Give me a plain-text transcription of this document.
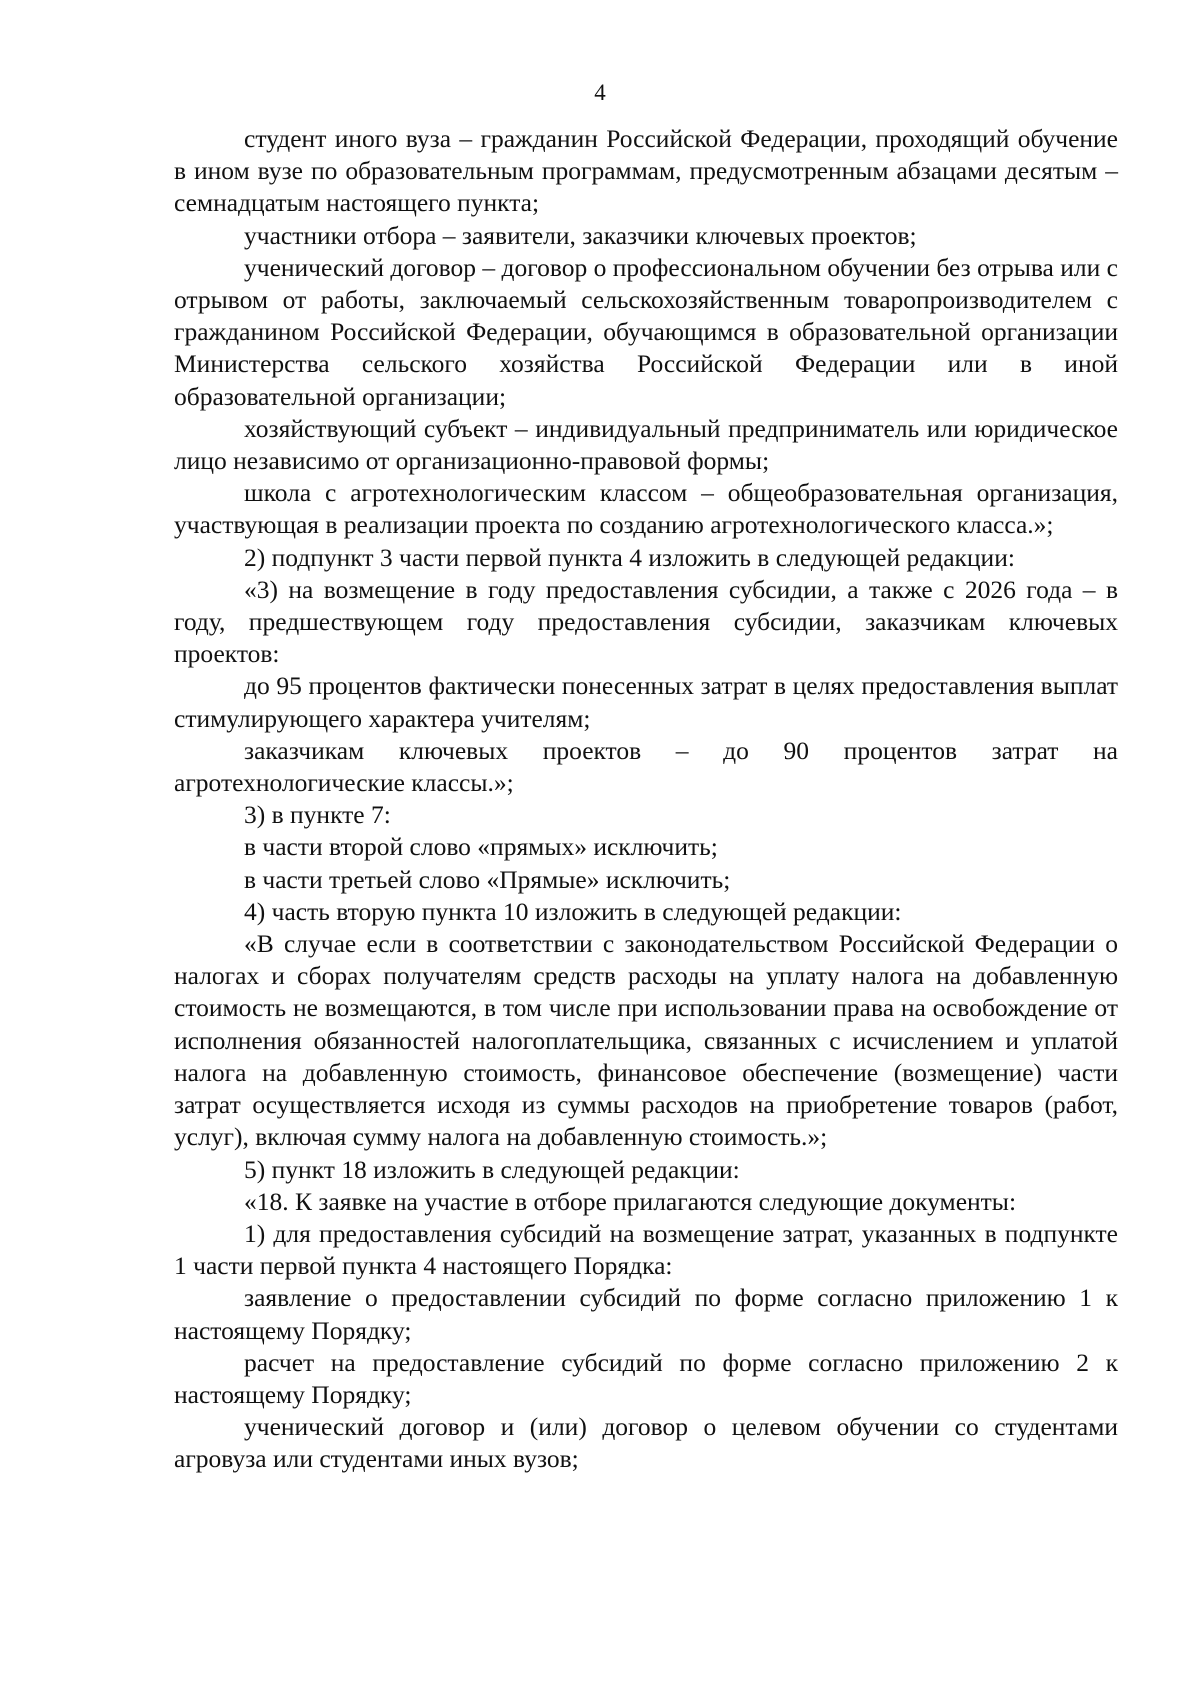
4

студент иного вуза – гражданин Российской Федерации, проходящий обучение в ином вузе по образовательным программам, предусмотренным абзацами десятым – семнадцатым настоящего пункта;

участники отбора – заявители, заказчики ключевых проектов;

ученический договор – договор о профессиональном обучении без отрыва или с отрывом от работы, заключаемый сельскохозяйственным товаропроизводителем с гражданином Российской Федерации, обучающимся в образовательной организации Министерства сельского хозяйства Российской Федерации или в иной образовательной организации;

хозяйствующий субъект – индивидуальный предприниматель или юридическое лицо независимо от организационно-правовой формы;

школа с агротехнологическим классом – общеобразовательная организация, участвующая в реализации проекта по созданию агротехнологического класса.»;

2) подпункт 3 части первой пункта 4 изложить в следующей редакции:

«3) на возмещение в году предоставления субсидии, а также с 2026 года – в году, предшествующем году предоставления субсидии, заказчикам ключевых проектов:

до 95 процентов фактически понесенных затрат в целях предоставления выплат стимулирующего характера учителям;

заказчикам ключевых проектов – до 90 процентов затрат на агротехнологические классы.»;

3) в пункте 7:

в части второй слово «прямых» исключить;

в части третьей слово «Прямые» исключить;

4) часть вторую пункта 10 изложить в следующей редакции:

«В случае если в соответствии с законодательством Российской Федерации о налогах и сборах получателям средств расходы на уплату налога на добавленную стоимость не возмещаются, в том числе при использовании права на освобождение от исполнения обязанностей налогоплательщика, связанных с исчислением и уплатой налога на добавленную стоимость, финансовое обеспечение (возмещение) части затрат осуществляется исходя из суммы расходов на приобретение товаров (работ, услуг), включая сумму налога на добавленную стоимость.»;

5) пункт 18 изложить в следующей редакции:

«18. К заявке на участие в отборе прилагаются следующие документы:

1) для предоставления субсидий на возмещение затрат, указанных в подпункте 1 части первой пункта 4 настоящего Порядка:

заявление о предоставлении субсидий по форме согласно приложению 1 к настоящему Порядку;

расчет на предоставление субсидий по форме согласно приложению 2 к настоящему Порядку;

ученический договор и (или) договор о целевом обучении со студентами агровуза или студентами иных вузов;
